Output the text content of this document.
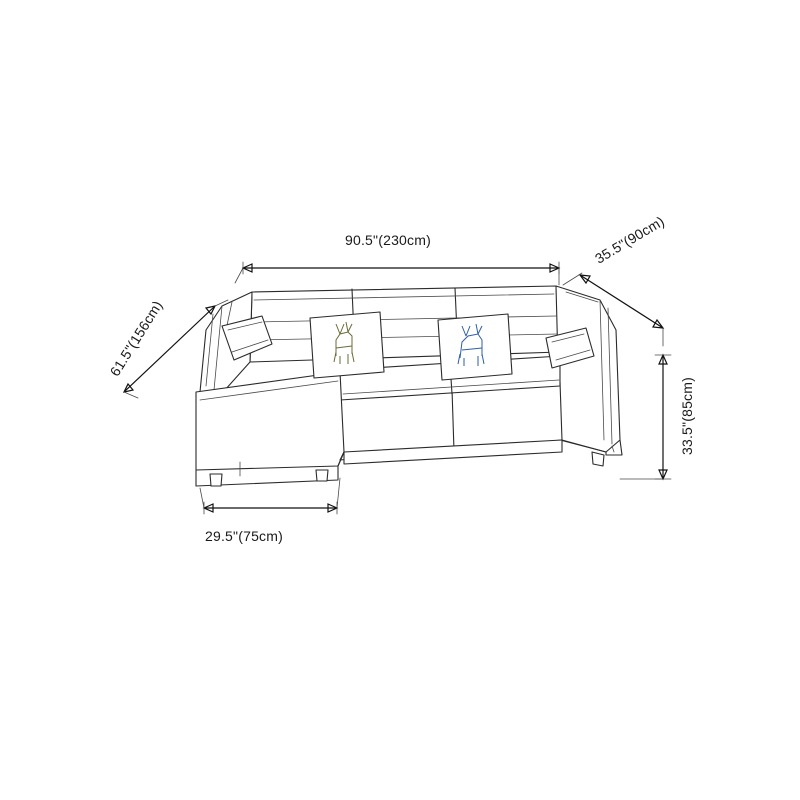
90.5"(230cm)	35.5"(90cm)
61.5"(156cm)
33.5"(85cm)
29.5"(75cm)
